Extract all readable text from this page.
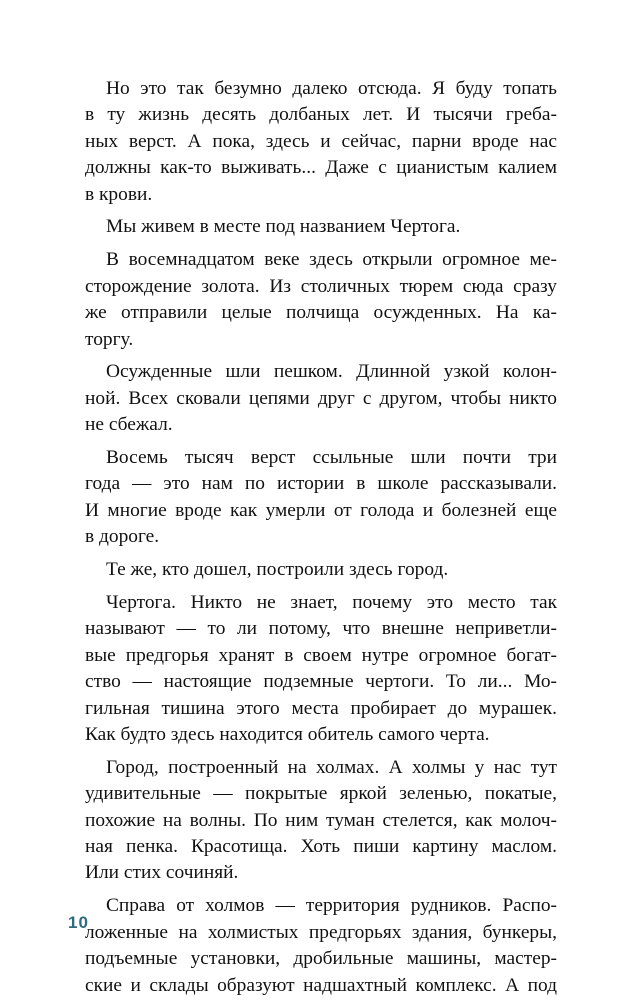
Но это так безумно далеко отсюда. Я буду топать
в ту жизнь десять долбаных лет. И тысячи греба-
ных верст. А пока, здесь и сейчас, парни вроде нас
должны как-то выживать... Даже с цианистым калием
в крови.
Мы живем в месте под названием Чертога.
В восемнадцатом веке здесь открыли огромное ме-
сторождение золота. Из столичных тюрем сюда сразу
же отправили целые полчища осужденных. На ка-
торгу.
Осужденные шли пешком. Длинной узкой колон-
ной. Всех сковали цепями друг с другом, чтобы никто
не сбежал.
Восемь тысяч верст ссыльные шли почти три
года — это нам по истории в школе рассказывали.
И многие вроде как умерли от голода и болезней еще
в дороге.
Те же, кто дошел, построили здесь город.
Чертога. Никто не знает, почему это место так
называют — то ли потому, что внешне неприветли-
вые предгорья хранят в своем нутре огромное богат-
ство — настоящие подземные чертоги. То ли... Мо-
гильная тишина этого места пробирает до мурашек.
Как будто здесь находится обитель самого черта.
Город, построенный на холмах. А холмы у нас тут
удивительные — покрытые яркой зеленью, покатые,
похожие на волны. По ним туман стелется, как молоч-
ная пенка. Красотища. Хоть пиши картину маслом.
Или стих сочиняй.
Справа от холмов — территория рудников. Распо-
ложенные на холмистых предгорьях здания, бункеры,
подъемные установки, дробильные машины, мастер-
ские и склады образуют надшахтный комплекс. А под
10
